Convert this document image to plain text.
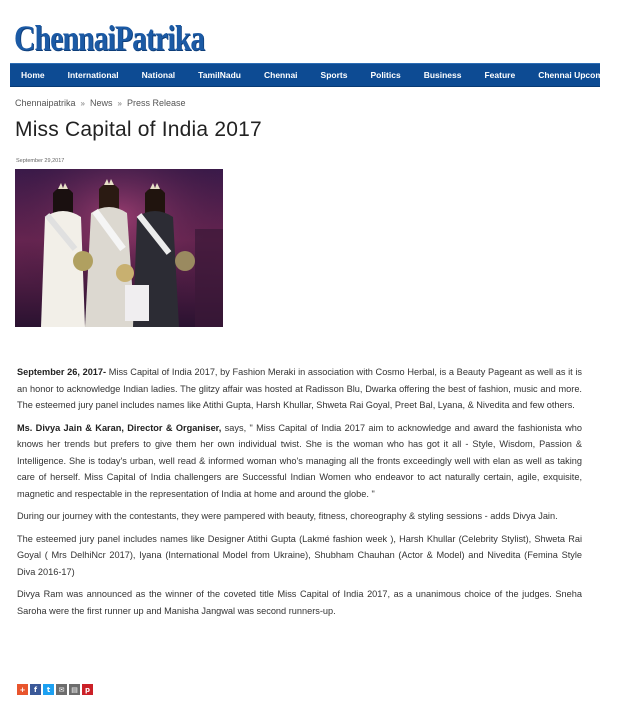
ChennaiPatrika
Home	International	National	TamilNadu	Chennai	Sports	Politics	Business	Feature	Chennai Upcomings
Chennaipatrika » News » Press Release
Miss Capital of India 2017
September 29,2017

September 26, 2017- Miss Capital of India 2017, by Fashion Meraki in association with Cosmo Herbal, is a Beauty Pageant as well as it is an honor to acknowledge Indian ladies. The glitzy affair was hosted at Radisson Blu, Dwarka offering the best of fashion, music and more. The esteemed jury panel includes names like Atithi Gupta, Harsh Khullar, Shweta Rai Goyal, Preet Bal, Lyana, & Nivedita and few others.

Ms. Divya Jain & Karan, Director & Organiser, says, " Miss Capital of India 2017 aim to acknowledge and award the fashionista who knows her trends but prefers to give them her own individual twist. She is the woman who has got it all - Style, Wisdom, Passion & Intelligence. She is today's urban, well read & informed woman who's managing all the fronts exceedingly well with elan as well as taking care of herself. Miss Capital of India challengers are Successful Indian Women who endeavor to act naturally certain, agile, exquisite, magnetic and respectable in the representation of India at home and around the globe. "

During our journey with the contestants, they were pampered with beauty, fitness, choreography & styling sessions - adds Divya Jain.

The esteemed jury panel includes names like Designer Atithi Gupta (Lakmé fashion week ), Harsh Khullar (Celebrity Stylist), Shweta Rai Goyal ( Mrs DelhiNcr 2017), Iyana (International Model from Ukraine), Shubham Chauhan (Actor & Model) and Nivedita (Femina Style Diva 2016-17)

Divya Ram was announced as the winner of the coveted title Miss Capital of India 2017, as a unanimous choice of the judges. Sneha Saroha were the first runner up and Manisha Jangwal was second runners-up.

+	f	t	✉ ▤	p
